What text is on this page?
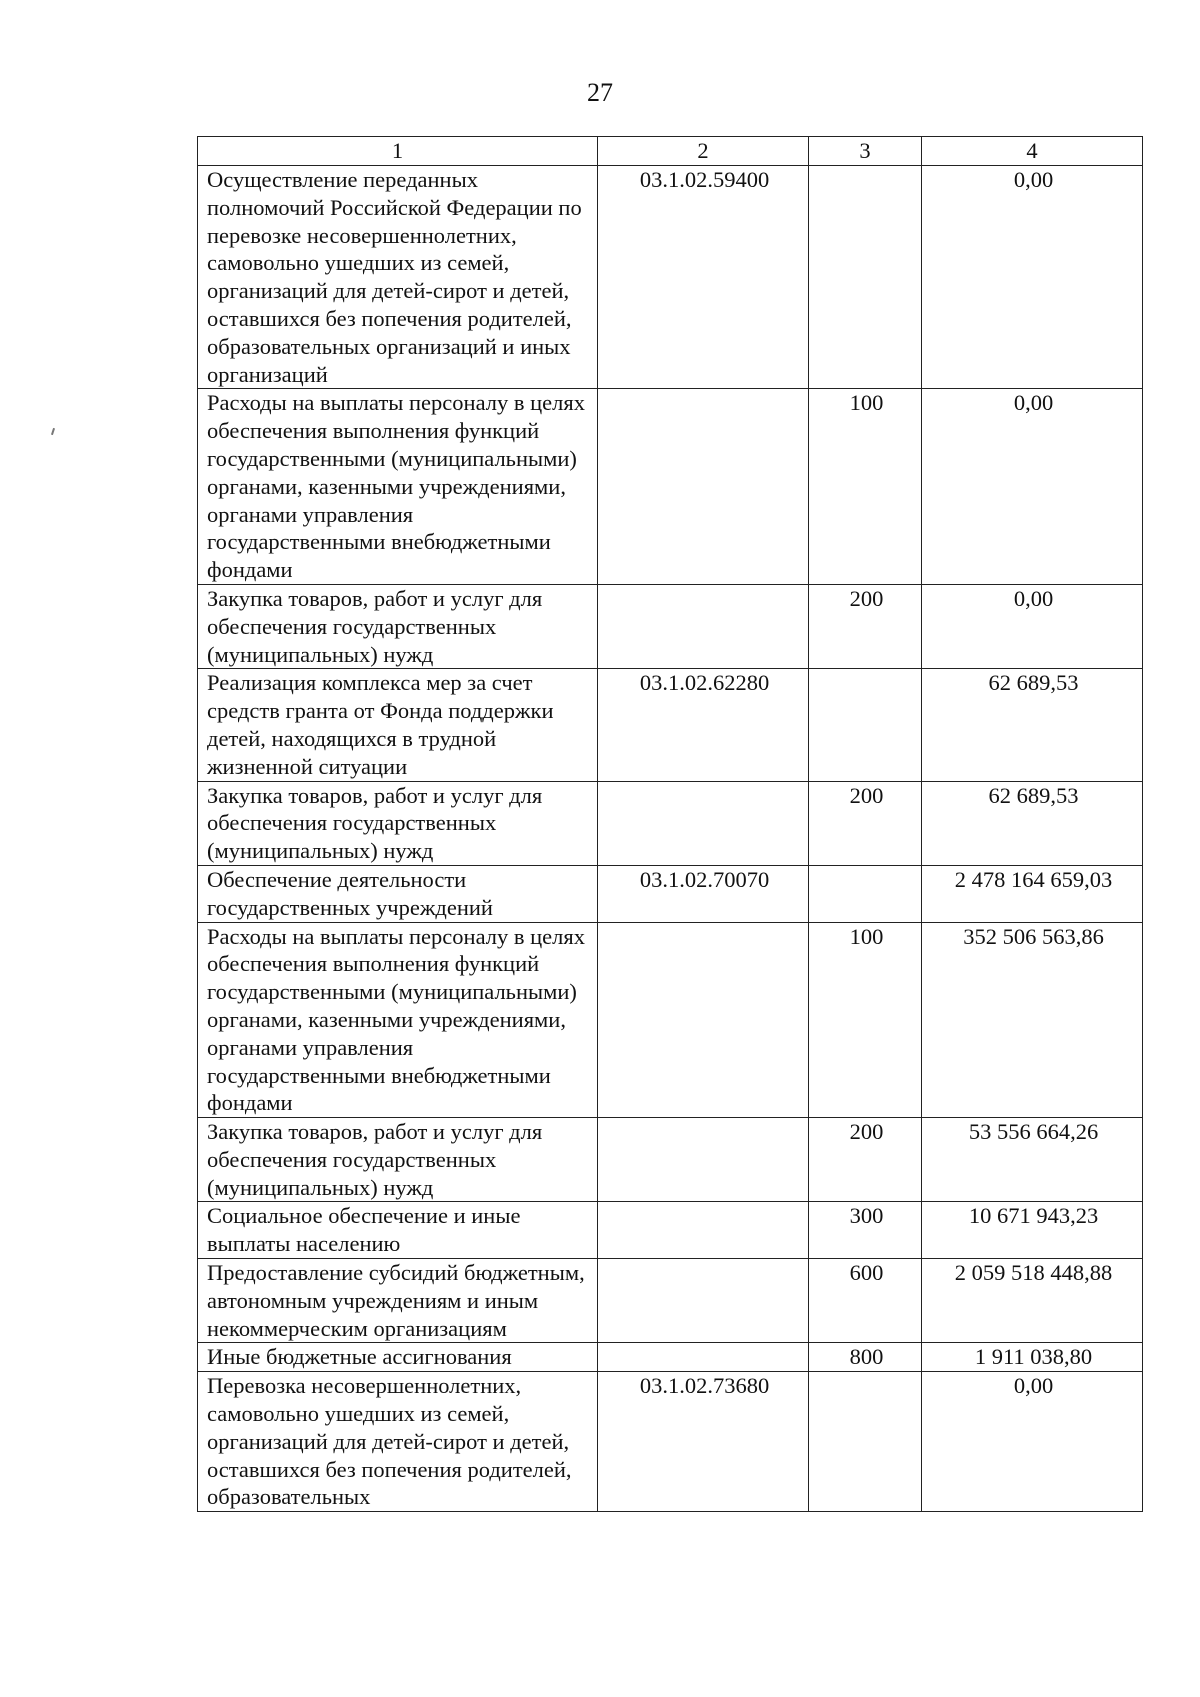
27
1	2	3	4
Осуществление переданных полномочий Российской Федерации по перевозке несовершеннолетних, самовольно ушедших из семей, организаций для детей-сирот и детей, оставшихся без попечения родителей, образовательных организаций и иных организаций	03.1.02.59400		0,00
Расходы на выплаты персоналу в целях обеспечения выполнения функций государственными (муниципальными) органами, казенными учреждениями, органами управления государственными внебюджетными фондами		100	0,00
Закупка товаров, работ и услуг для обеспечения государственных (муниципальных) нужд		200	0,00
Реализация комплекса мер за счет средств гранта от Фонда поддержки детей, находящихся в трудной жизненной ситуации	03.1.02.62280		62 689,53
Закупка товаров, работ и услуг для обеспечения государственных (муниципальных) нужд		200	62 689,53
Обеспечение деятельности государственных учреждений	03.1.02.70070		2 478 164 659,03
Расходы на выплаты персоналу в целях обеспечения выполнения функций государственными (муниципальными) органами, казенными учреждениями, органами управления государственными внебюджетными фондами		100	352 506 563,86
Закупка товаров, работ и услуг для обеспечения государственных (муниципальных) нужд		200	53 556 664,26
Социальное обеспечение и иные выплаты населению		300	10 671 943,23
Предоставление субсидий бюджетным, автономным учреждениям и иным некоммерческим организациям		600	2 059 518 448,88
Иные бюджетные ассигнования		800	1 911 038,80
Перевозка несовершеннолетних, самовольно ушедших из семей, организаций для детей-сирот и детей, оставшихся без попечения родителей, образовательных	03.1.02.73680		0,00
